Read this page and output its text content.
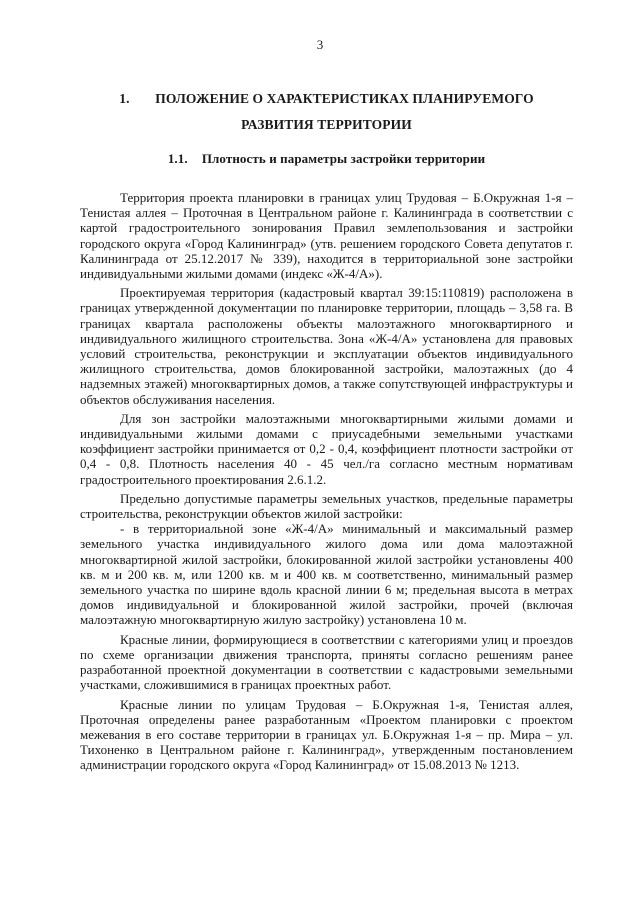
3
1. ПОЛОЖЕНИЕ О ХАРАКТЕРИСТИКАХ ПЛАНИРУЕМОГО
РАЗВИТИЯ ТЕРРИТОРИИ
1.1. Плотность и параметры застройки территории

Территория проекта планировки в границах улиц Трудовая – Б.Окружная 1-я – Тенистая аллея – Проточная в Центральном районе г. Калининграда в соответствии с картой градостроительного зонирования Правил землепользования и застройки городского округа «Город Калининград» (утв. решением городского Совета депутатов г. Калининграда от 25.12.2017 № 339), находится в территориальной зоне застройки индивидуальными жилыми домами (индекс «Ж-4/А»).

Проектируемая территория (кадастровый квартал 39:15:110819) расположена в границах утвержденной документации по планировке территории, площадь – 3,58 га. В границах квартала расположены объекты малоэтажного многоквартирного и индивидуального жилищного строительства. Зона «Ж-4/А» установлена для правовых условий строительства, реконструкции и эксплуатации объектов индивидуального жилищного строительства, домов блокированной застройки, малоэтажных (до 4 надземных этажей) многоквартирных домов, а также сопутствующей инфраструктуры и объектов обслуживания населения.

Для зон застройки малоэтажными многоквартирными жилыми домами и индивидуальными жилыми домами с приусадебными земельными участками коэффициент застройки принимается от 0,2 - 0,4, коэффициент плотности застройки от 0,4 - 0,8. Плотность населения 40 - 45 чел./га согласно местным нормативам градостроительного проектирования 2.6.1.2.

Предельно допустимые параметры земельных участков, предельные параметры строительства, реконструкции объектов жилой застройки:

- в территориальной зоне «Ж-4/А» минимальный и максимальный размер земельного участка индивидуального жилого дома или дома малоэтажной многоквартирной жилой застройки, блокированной жилой застройки установлены 400 кв. м и 200 кв. м, или 1200 кв. м и 400 кв. м соответственно, минимальный размер земельного участка по ширине вдоль красной линии 6 м; предельная высота в метрах домов индивидуальной и блокированной жилой застройки, прочей (включая малоэтажную многоквартирную жилую застройку) установлена 10 м.

Красные линии, формирующиеся в соответствии с категориями улиц и проездов по схеме организации движения транспорта, приняты согласно решениям ранее разработанной проектной документации в соответствии с кадастровыми земельными участками, сложившимися в границах проектных работ.

Красные линии по улицам Трудовая – Б.Окружная 1-я, Тенистая аллея, Проточная определены ранее разработанным «Проектом планировки с проектом межевания в его составе территории в границах ул. Б.Окружная 1-я – пр. Мира – ул. Тихоненко в Центральном районе г. Калининград», утвержденным постановлением администрации городского округа «Город Калининград» от 15.08.2013 № 1213.
